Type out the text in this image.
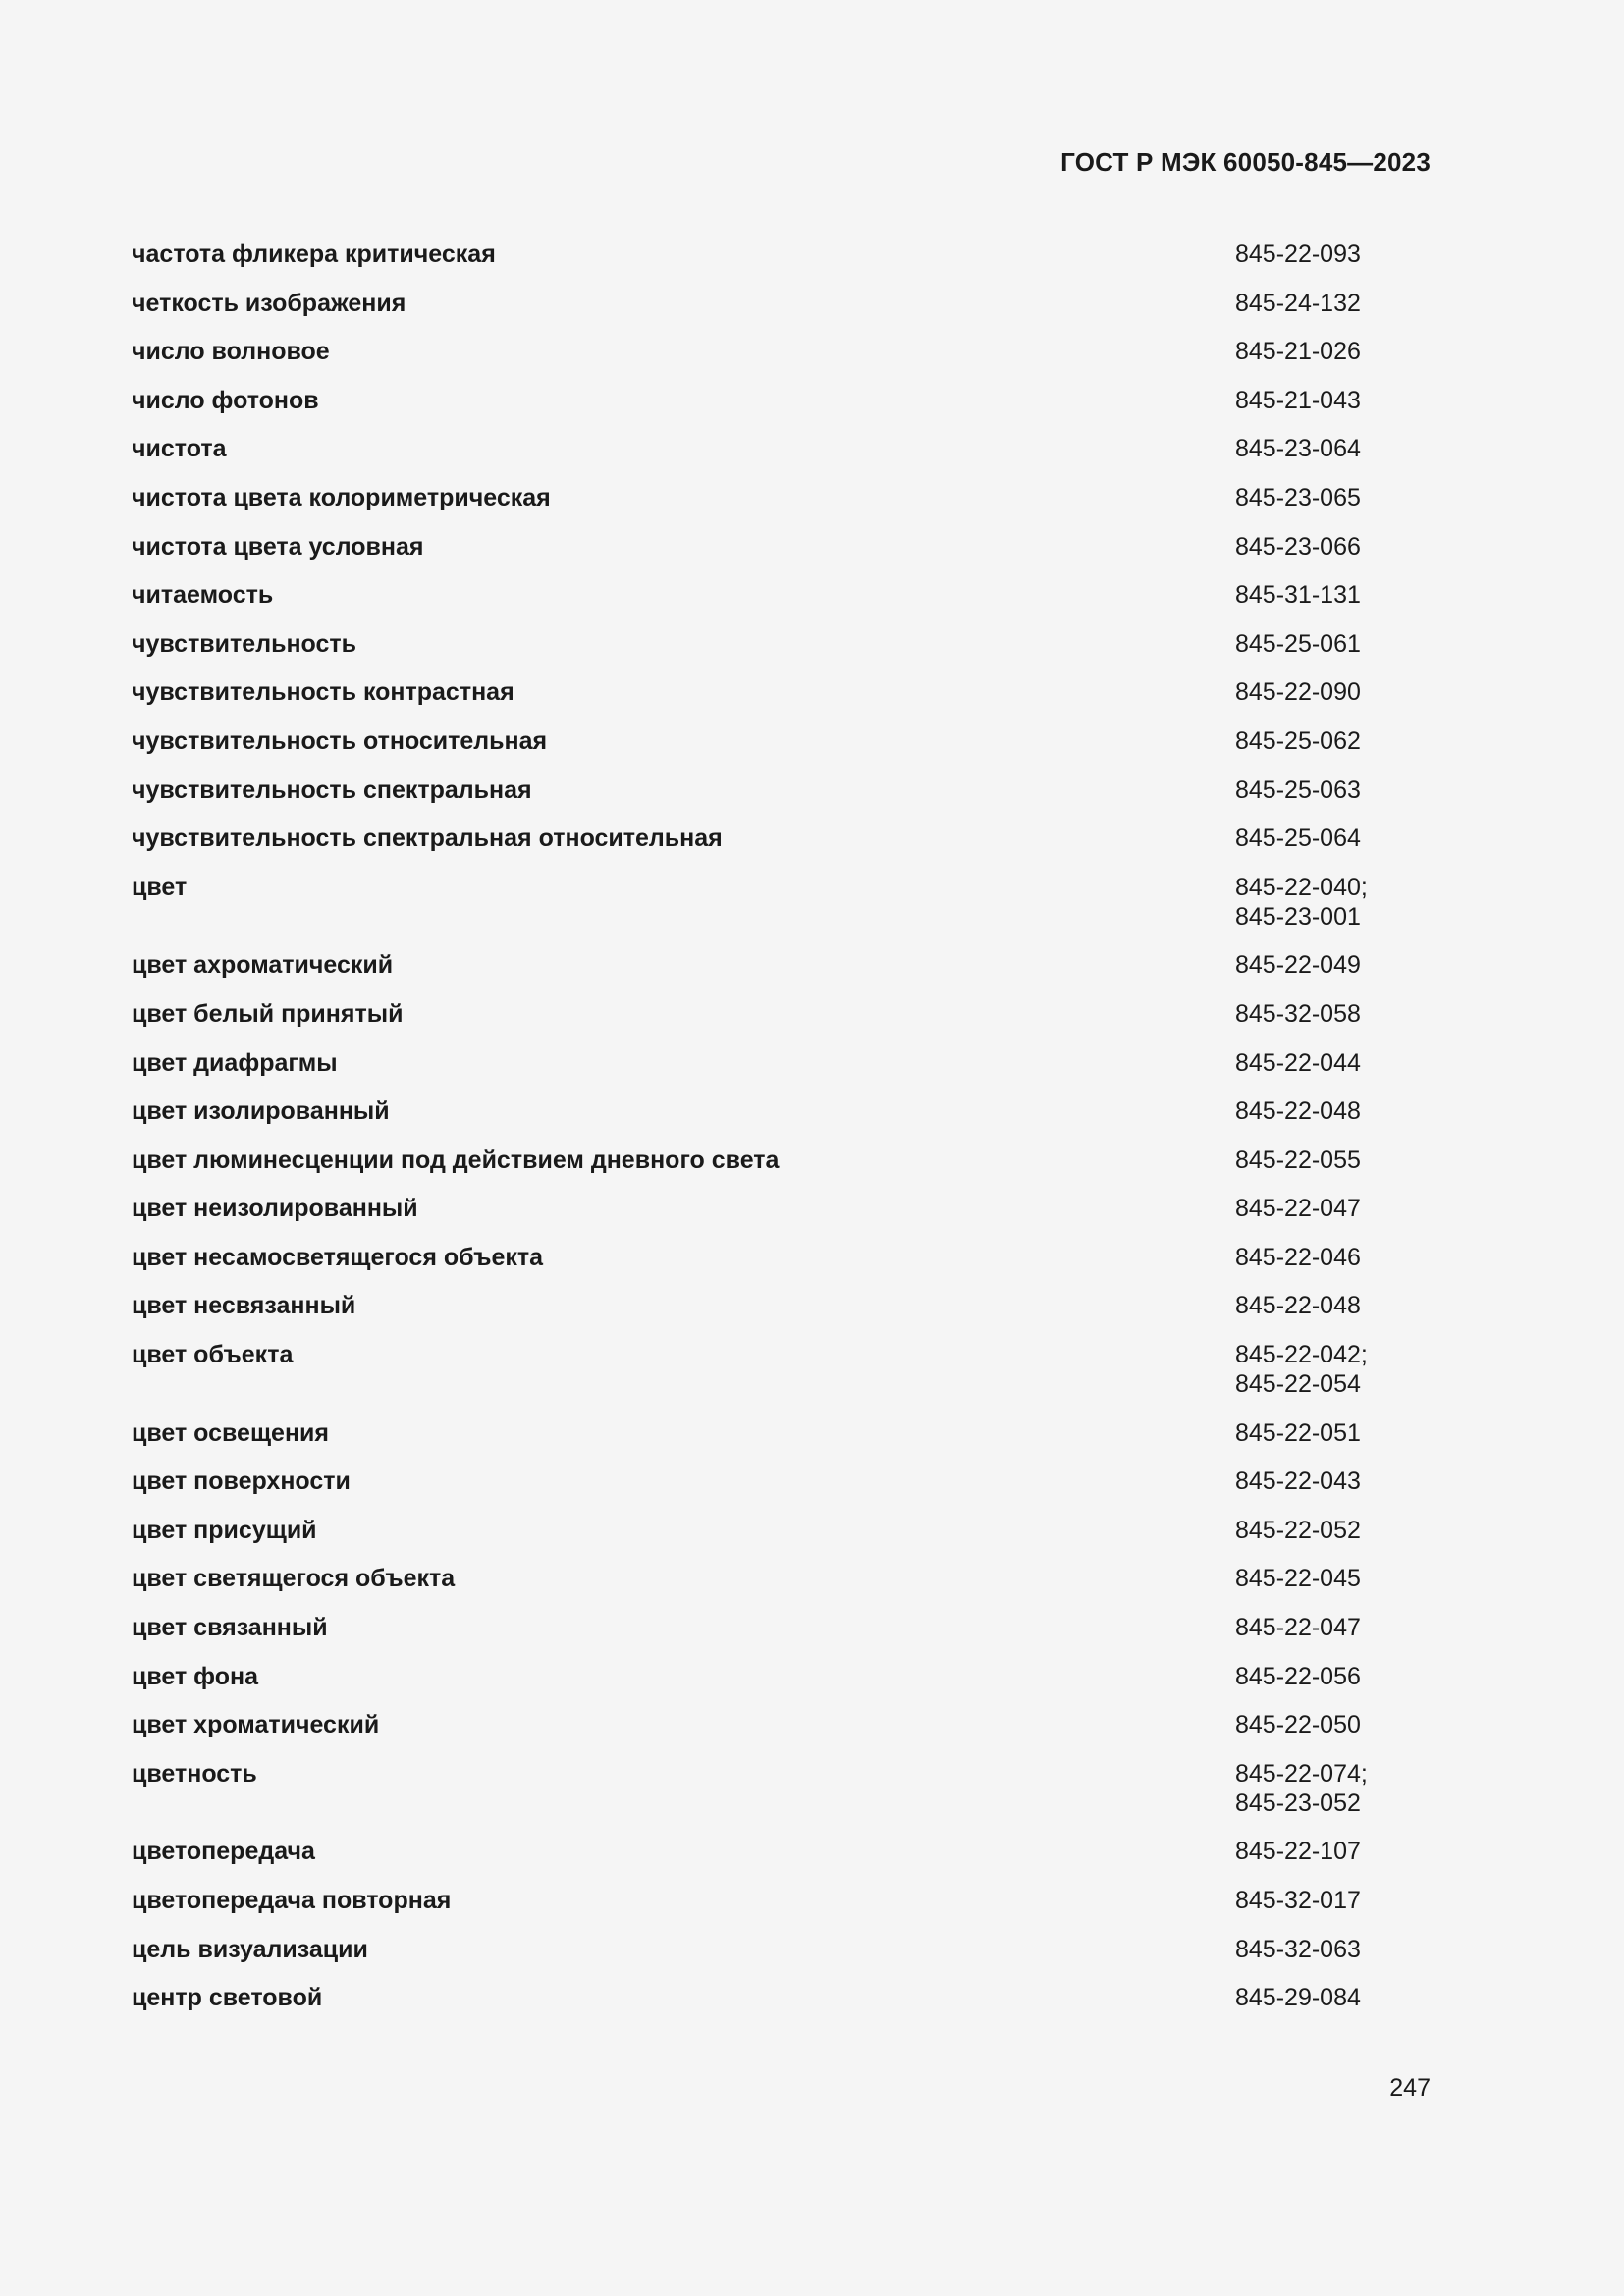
ГОСТ Р МЭК 60050-845—2023
частота фликера критическая	845-22-093
четкость изображения	845-24-132
число волновое	845-21-026
число фотонов	845-21-043
чистота	845-23-064
чистота цвета колориметрическая	845-23-065
чистота цвета условная	845-23-066
читаемость	845-31-131
чувствительность	845-25-061
чувствительность контрастная	845-22-090
чувствительность относительная	845-25-062
чувствительность спектральная	845-25-063
чувствительность спектральная относительная	845-25-064
цвет	845-22-040;
845-23-001
цвет ахроматический	845-22-049
цвет белый принятый	845-32-058
цвет диафрагмы	845-22-044
цвет изолированный	845-22-048
цвет люминесценции под действием дневного света	845-22-055
цвет неизолированный	845-22-047
цвет несамосветящегося объекта	845-22-046
цвет несвязанный	845-22-048
цвет объекта	845-22-042;
845-22-054
цвет освещения	845-22-051
цвет поверхности	845-22-043
цвет присущий	845-22-052
цвет светящегося объекта	845-22-045
цвет связанный	845-22-047
цвет фона	845-22-056
цвет хроматический	845-22-050
цветность	845-22-074;
845-23-052
цветопередача	845-22-107
цветопередача повторная	845-32-017
цель визуализации	845-32-063
центр световой	845-29-084
247
